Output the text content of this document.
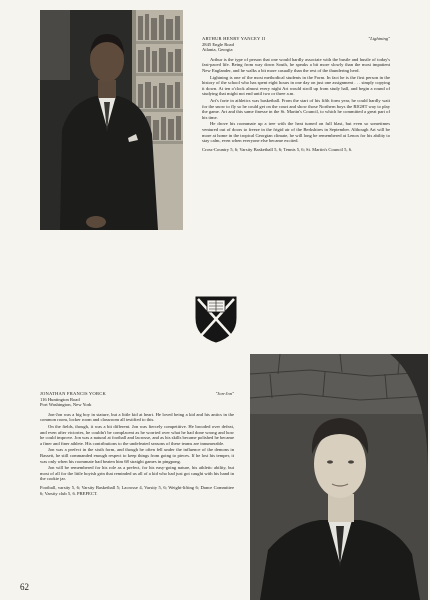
ARTHUR HENRY YANCEY II	"Lightning"
2845 Engle Road
Atlanta, Georgia

Arthur is the type of person that one would hardly associate with the bustle and hustle of today's fast-paced life. Being from way down South, he speaks a bit more slowly than the most impatient New Englander, and he walks a bit more casually than the rest of the thundering herd.

Lightning is one of the most methodical students in the Form. In fact he is the first person in the history of the school who has spent eight hours in one day on just one assignment . . . simply copying it down. At ten o'clock almost every night Art would stroll up from study hall, and begin a round of studying that might not end until two or three a.m.

Art's forte in athletics was basketball. From the start of his fifth form year, he could hardly wait for the snow to fly so he could get on the court and show those Northern boys the RIGHT way to play the game. Art and this same finesse in the St. Martin's Council, to which he committed a great part of his time.

He drove his roommate up a tree with the heat turned on full blast, but even so sometimes ventured out of doors to freeze in the frigid air of the Berkshires in September. Although Art will be more at home in the tropical Georgian climate, he will long be remembered at Lenox for his ability to stay calm, even when everyone else became excited.

Cross-Country 5, 6; Varsity Basketball 5, 6; Tennis 5, 6; St. Martin's Council 5, 6.
JONATHAN FRANCIS YORCK	"Jon-Jon"
116 Huntington Road
Port Washington, New York

Jon-Jon was a big boy in stature, but a little kid at heart. He loved being a kid and his antics in the common room, locker room and classroom all testified to this.

On the fields, though, it was a bit different. Jon was fiercely competitive. He brooded over defeat, and even after victories, he couldn't be complacent as he worried over what he had done wrong and how he could improve. Jon was a natural at football and lacrosse, and as his skills became polished he became a finer and finer athlete. His contributions to the undefeated seasons of these teams are innumerable.

Jon was a prefect in the sixth form, and though he often fell under the influence of the demons in Bassett, he still commanded enough respect to keep things from going to pieces. If he lost his temper, it was only when his roommate had beaten him 68 straight games in pingpong.

Jon will be remembered for his role as a prefect, for his easy-going nature, his athletic ability, but most of all for the little boyish grin that reminded us all of a kid who had just got caught with his hand in the cookie jar.

Football, varsity 5, 6; Varsity Basketball 5; Lacrosse 4, Varsity 5, 6; Weight-lifting 6; Dance Committee 6; Varsity club 5, 6. PREFECT.
62
